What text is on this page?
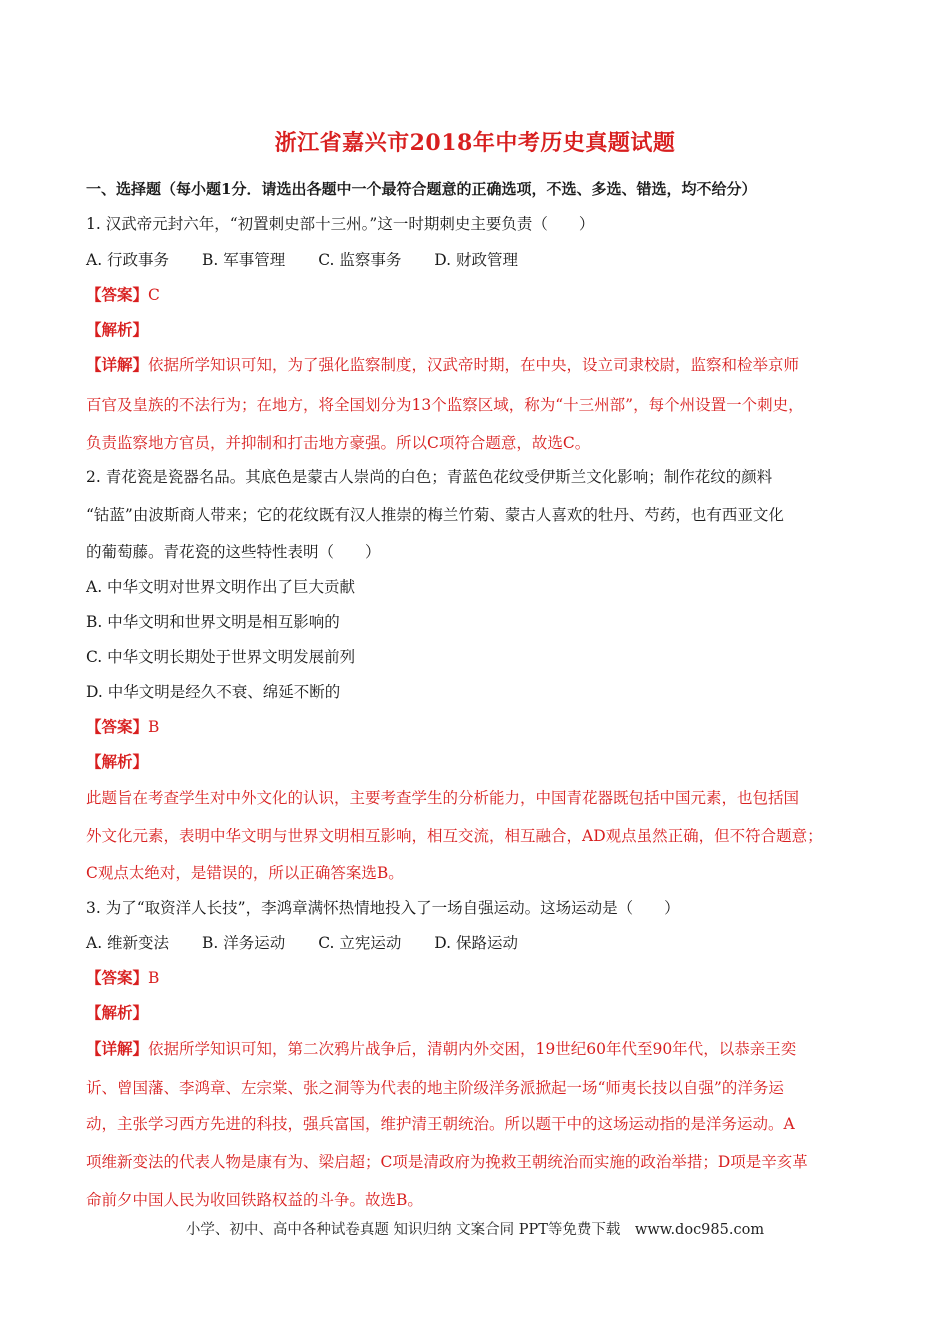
浙江省嘉兴市2018年中考历史真题试题
一、选择题（每小题1分．请选出各题中一个最符合题意的正确选项，不选、多选、错选，均不给分）
1. 汉武帝元封六年，“初置刺史部十三州。”这一时期刺史主要负责（　　）
A. 行政事务 B. 军事管理 C. 监察事务 D. 财政管理
【答案】C
【解析】
【详解】依据所学知识可知，为了强化监察制度，汉武帝时期，在中央，设立司隶校尉，监察和检举京师
百官及皇族的不法行为；在地方，将全国划分为13个监察区域，称为“十三州部”，每个州设置一个刺史，
负责监察地方官员，并抑制和打击地方豪强。所以C项符合题意，故选C。
2. 青花瓷是瓷器名品。其底色是蒙古人崇尚的白色；青蓝色花纹受伊斯兰文化影响；制作花纹的颜料
“钴蓝”由波斯商人带来；它的花纹既有汉人推崇的梅兰竹菊、蒙古人喜欢的牡丹、芍药，也有西亚文化
的葡萄藤。青花瓷的这些特性表明（　　）
A. 中华文明对世界文明作出了巨大贡献
B. 中华文明和世界文明是相互影响的
C. 中华文明长期处于世界文明发展前列
D. 中华文明是经久不衰、绵延不断的
【答案】B
【解析】
此题旨在考查学生对中外文化的认识，主要考查学生的分析能力，中国青花器既包括中国元素，也包括国
外文化元素，表明中华文明与世界文明相互影响，相互交流，相互融合，AD观点虽然正确，但不符合题意；
C观点太绝对，是错误的，所以正确答案选B。
3. 为了“取资洋人长技”，李鸿章满怀热情地投入了一场自强运动。这场运动是（　　）
A. 维新变法 B. 洋务运动 C. 立宪运动 D. 保路运动
【答案】B
【解析】
【详解】依据所学知识可知，第二次鸦片战争后，清朝内外交困，19世纪60年代至90年代，以恭亲王奕
䜣、曾国藩、李鸿章、左宗棠、张之洞等为代表的地主阶级洋务派掀起一场“师夷长技以自强”的洋务运
动，主张学习西方先进的科技，强兵富国，维护清王朝统治。所以题干中的这场运动指的是洋务运动。A
项维新变法的代表人物是康有为、梁启超；C项是清政府为挽救王朝统治而实施的政治举措；D项是辛亥革
命前夕中国人民为收回铁路权益的斗争。故选B。
小学、初中、高中各种试卷真题 知识归纳 文案合同 PPT等免费下载　www.doc985.com
